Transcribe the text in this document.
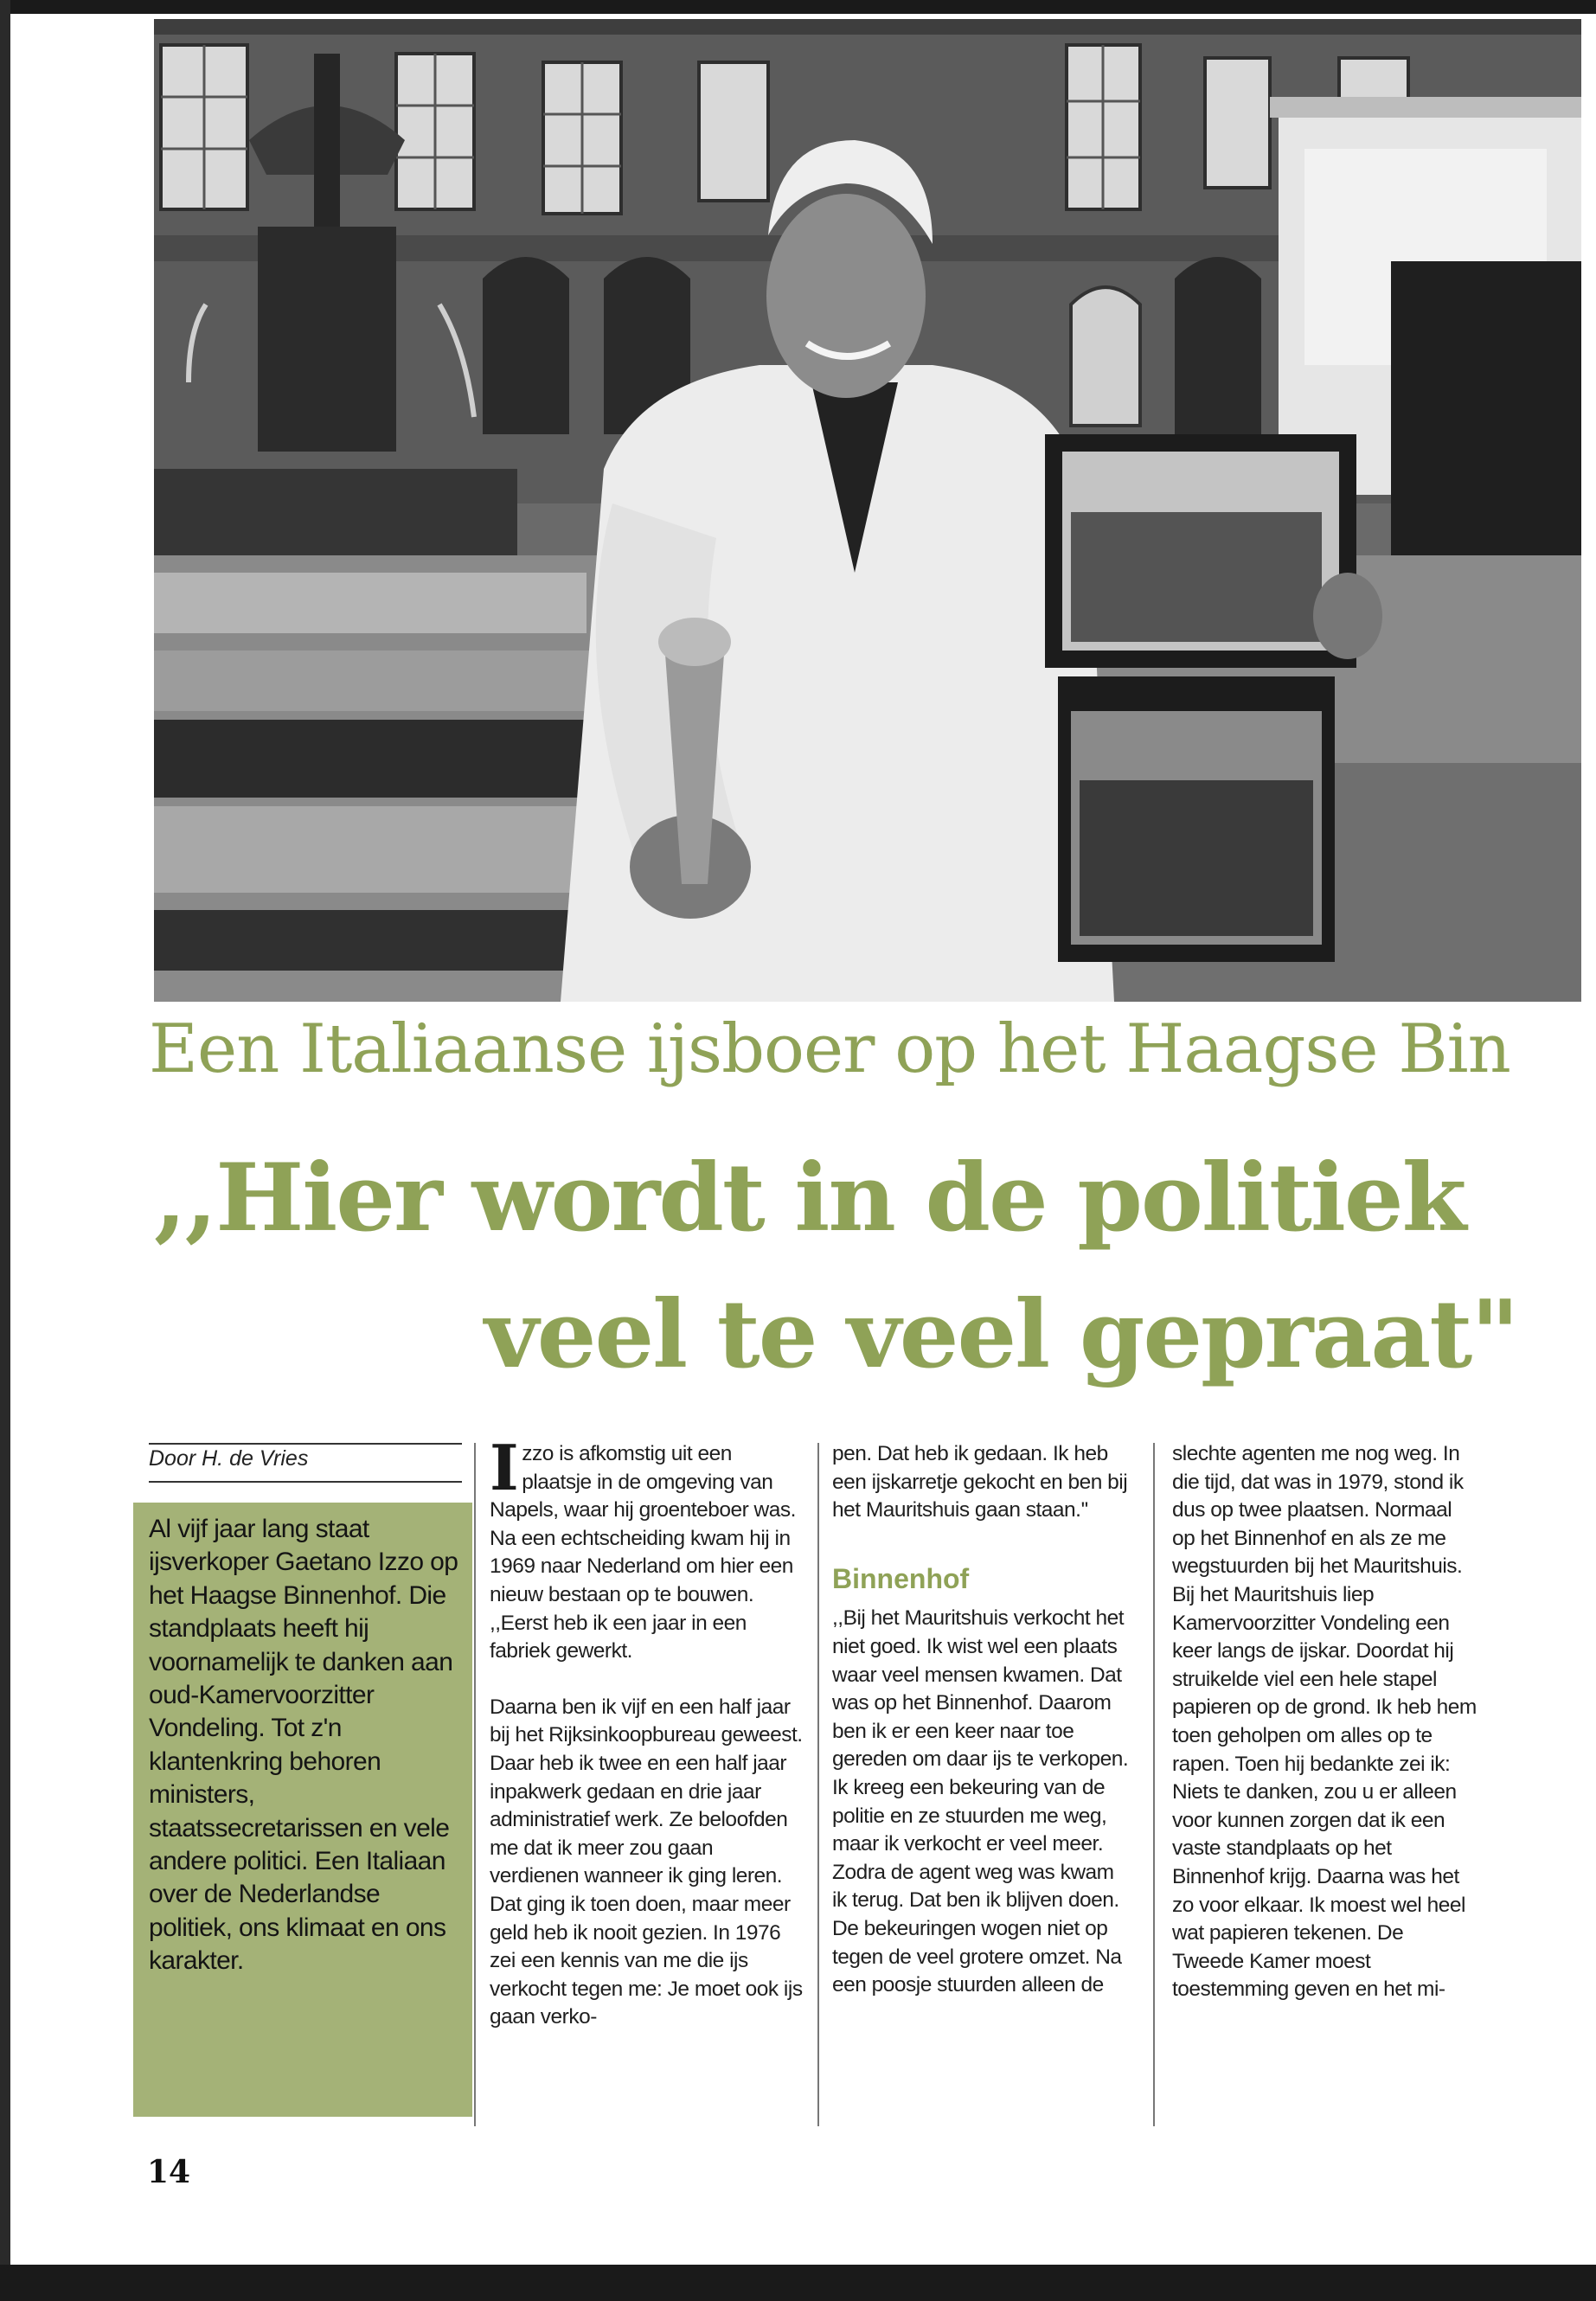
Een Italiaanse ijsboer op het Haagse Bin
,,Hier wordt in de politiek
veel te veel gepraat"
Door H. de Vries
Al vijf jaar lang staat ijsverkoper Gaetano Izzo op het Haagse Binnenhof. Die standplaats heeft hij voornamelijk te danken aan oud-Kamervoorzitter Vondeling. Tot z'n klantenkring behoren ministers, staatssecretarissen en vele andere politici. Een Italiaan over de Nederlandse politiek, ons klimaat en ons karakter.

Izzo is afkomstig uit een plaatsje in de omgeving van Napels, waar hij groenteboer was. Na een echtscheiding kwam hij in 1969 naar Nederland om hier een nieuw bestaan op te bouwen. ,,Eerst heb ik een jaar in een fabriek gewerkt.

Daarna ben ik vijf en een half jaar bij het Rijksinkoopbureau geweest. Daar heb ik twee en een half jaar inpakwerk gedaan en drie jaar administratief werk. Ze beloofden me dat ik meer zou gaan verdienen wanneer ik ging leren. Dat ging ik toen doen, maar meer geld heb ik nooit gezien. In 1976 zei een kennis van me die ijs verkocht tegen me: Je moet ook ijs gaan verko-

pen. Dat heb ik gedaan. Ik heb een ijskarretje gekocht en ben bij het Mauritshuis gaan staan.''

Binnenhof

,,Bij het Mauritshuis verkocht het niet goed. Ik wist wel een plaats waar veel mensen kwamen. Dat was op het Binnenhof. Daarom ben ik er een keer naar toe gereden om daar ijs te verkopen. Ik kreeg een bekeuring van de politie en ze stuurden me weg, maar ik verkocht er veel meer. Zodra de agent weg was kwam ik terug. Dat ben ik blijven doen. De bekeuringen wogen niet op tegen de veel grotere omzet. Na een poosje stuurden alleen de

slechte agenten me nog weg. In die tijd, dat was in 1979, stond ik dus op twee plaatsen. Normaal op het Binnenhof en als ze me wegstuurden bij het Mauritshuis. Bij het Mauritshuis liep Kamervoorzitter Vondeling een keer langs de ijskar. Doordat hij struikelde viel een hele stapel papieren op de grond. Ik heb hem toen geholpen om alles op te rapen. Toen hij bedankte zei ik: Niets te danken, zou u er alleen voor kunnen zorgen dat ik een vaste standplaats op het Binnenhof krijg. Daarna was het zo voor elkaar. Ik moest wel heel wat papieren tekenen. De Tweede Kamer moest toestemming geven en het mi-

14
